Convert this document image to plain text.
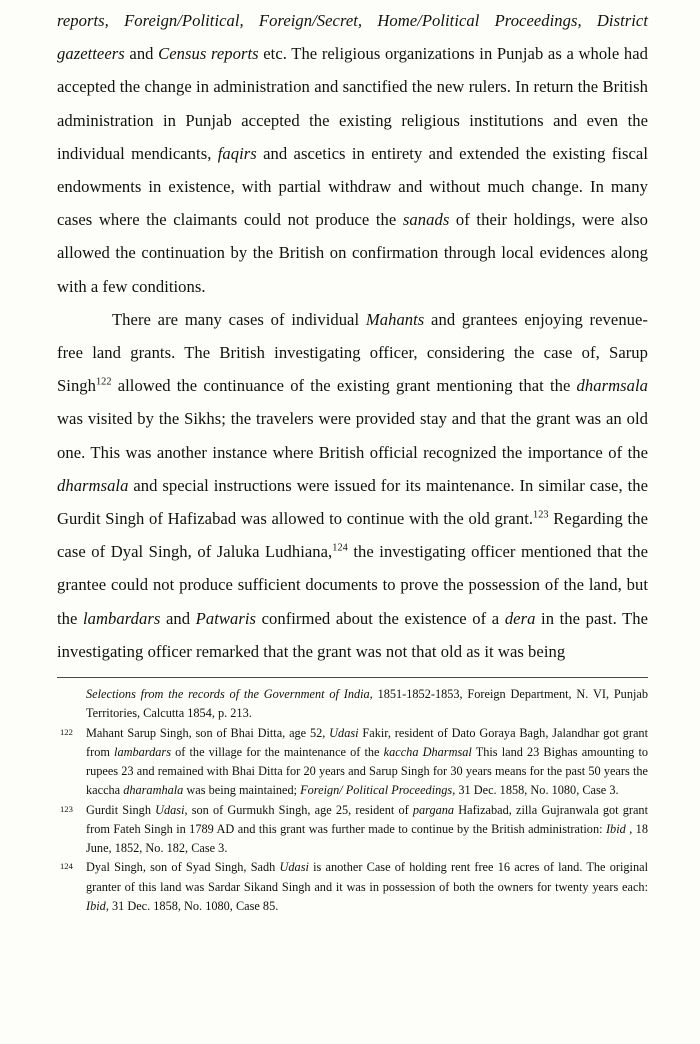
reports, Foreign/Political, Foreign/Secret, Home/Political Proceedings, District gazetteers and Census reports etc. The religious organizations in Punjab as a whole had accepted the change in administration and sanctified the new rulers. In return the British administration in Punjab accepted the existing religious institutions and even the individual mendicants, faqirs and ascetics in entirety and extended the existing fiscal endowments in existence, with partial withdraw and without much change. In many cases where the claimants could not produce the sanads of their holdings, were also allowed the continuation by the British on confirmation through local evidences along with a few conditions.

There are many cases of individual Mahants and grantees enjoying revenue-free land grants. The British investigating officer, considering the case of, Sarup Singh$^{122}$ allowed the continuance of the existing grant mentioning that the dharmsala was visited by the Sikhs; the travelers were provided stay and that the grant was an old one. This was another instance where British official recognized the importance of the dharmsala and special instructions were issued for its maintenance. In similar case, the Gurdit Singh of Hafizabad was allowed to continue with the old grant.$^{123}$ Regarding the case of Dyal Singh, of Jaluka Ludhiana,$^{124}$ the investigating officer mentioned that the grantee could not produce sufficient documents to prove the possession of the land, but the lambardars and Patwaris confirmed about the existence of a dera in the past. The investigating officer remarked that the grant was not that old as it was being

Selections from the records of the Government of India, 1851-1852-1853, Foreign Department, N. VI, Punjab Territories, Calcutta 1854, p. 213.
122 Mahant Sarup Singh, son of Bhai Ditta, age 52, Udasi Fakir, resident of Dato Goraya Bagh, Jalandhar got grant from lambardars of the village for the maintenance of the kaccha Dharmsal This land 23 Bighas amounting to rupees 23 and remained with Bhai Ditta for 20 years and Sarup Singh for 30 years means for the past 50 years the kaccha dharamhala was being maintained; Foreign/ Political Proceedings, 31 Dec. 1858, No. 1080, Case 3.
123 Gurdit Singh Udasi, son of Gurmukh Singh, age 25, resident of pargana Hafizabad, zilla Gujranwala got grant from Fateh Singh in 1789 AD and this grant was further made to continue by the British administration: Ibid , 18 June, 1852, No. 182, Case 3.
124 Dyal Singh, son of Syad Singh, Sadh Udasi is another Case of holding rent free 16 acres of land. The original granter of this land was Sardar Sikand Singh and it was in possession of both the owners for twenty years each: Ibid, 31 Dec. 1858, No. 1080, Case 85.
